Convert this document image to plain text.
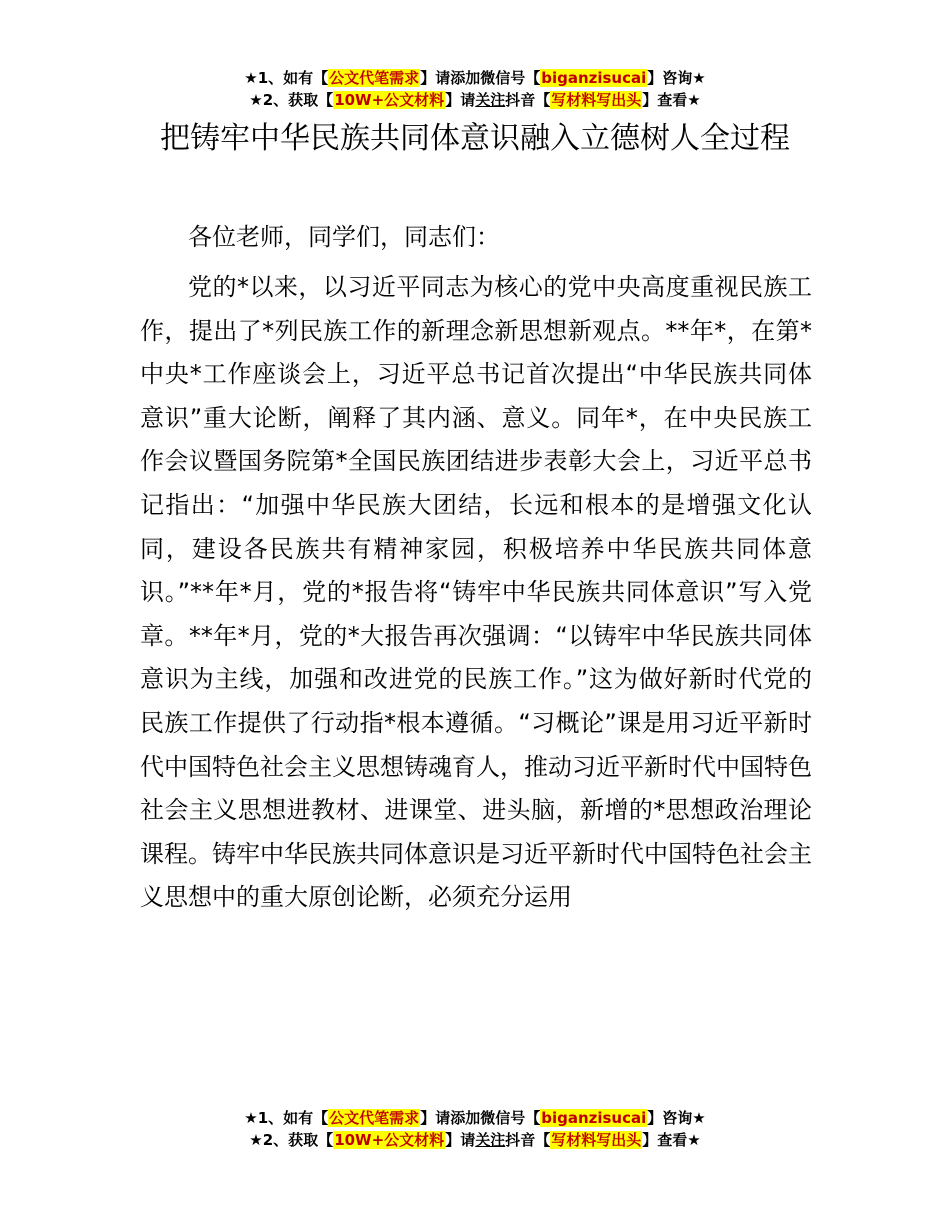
★1、如有【公文代笔需求】请添加微信号【biganzisucai】咨询★
★2、获取【10W+公文材料】请关注抖音【写材料写出头】查看★
把铸牢中华民族共同体意识融入立德树人全过程

各位老师，同学们，同志们：

党的*以来，以习近平同志为核心的党中央高度重视民族工作，提出了*列民族工作的新理念新思想新观点。**年*，在第*中央*工作座谈会上，习近平总书记首次提出“中华民族共同体意识”重大论断，阐释了其内涵、意义。同年*，在中央民族工作会议暨国务院第*全国民族团结进步表彰大会上，习近平总书记指出：“加强中华民族大团结，长远和根本的是增强文化认同，建设各民族共有精神家园，积极培养中华民族共同体意识。”**年*月，党的*报告将“铸牢中华民族共同体意识”写入党章。**年*月，党的*大报告再次强调：“以铸牢中华民族共同体意识为主线，加强和改进党的民族工作。”这为做好新时代党的民族工作提供了行动指*根本遵循。“习概论”课是用习近平新时代中国特色社会主义思想铸魂育人，推动习近平新时代中国特色社会主义思想进教材、进课堂、进头脑，新增的*思想政治理论课程。铸牢中华民族共同体意识是习近平新时代中国特色社会主义思想中的重大原创论断，必须充分运用

★1、如有【公文代笔需求】请添加微信号【biganzisucai】咨询★
★2、获取【10W+公文材料】请关注抖音【写材料写出头】查看★
